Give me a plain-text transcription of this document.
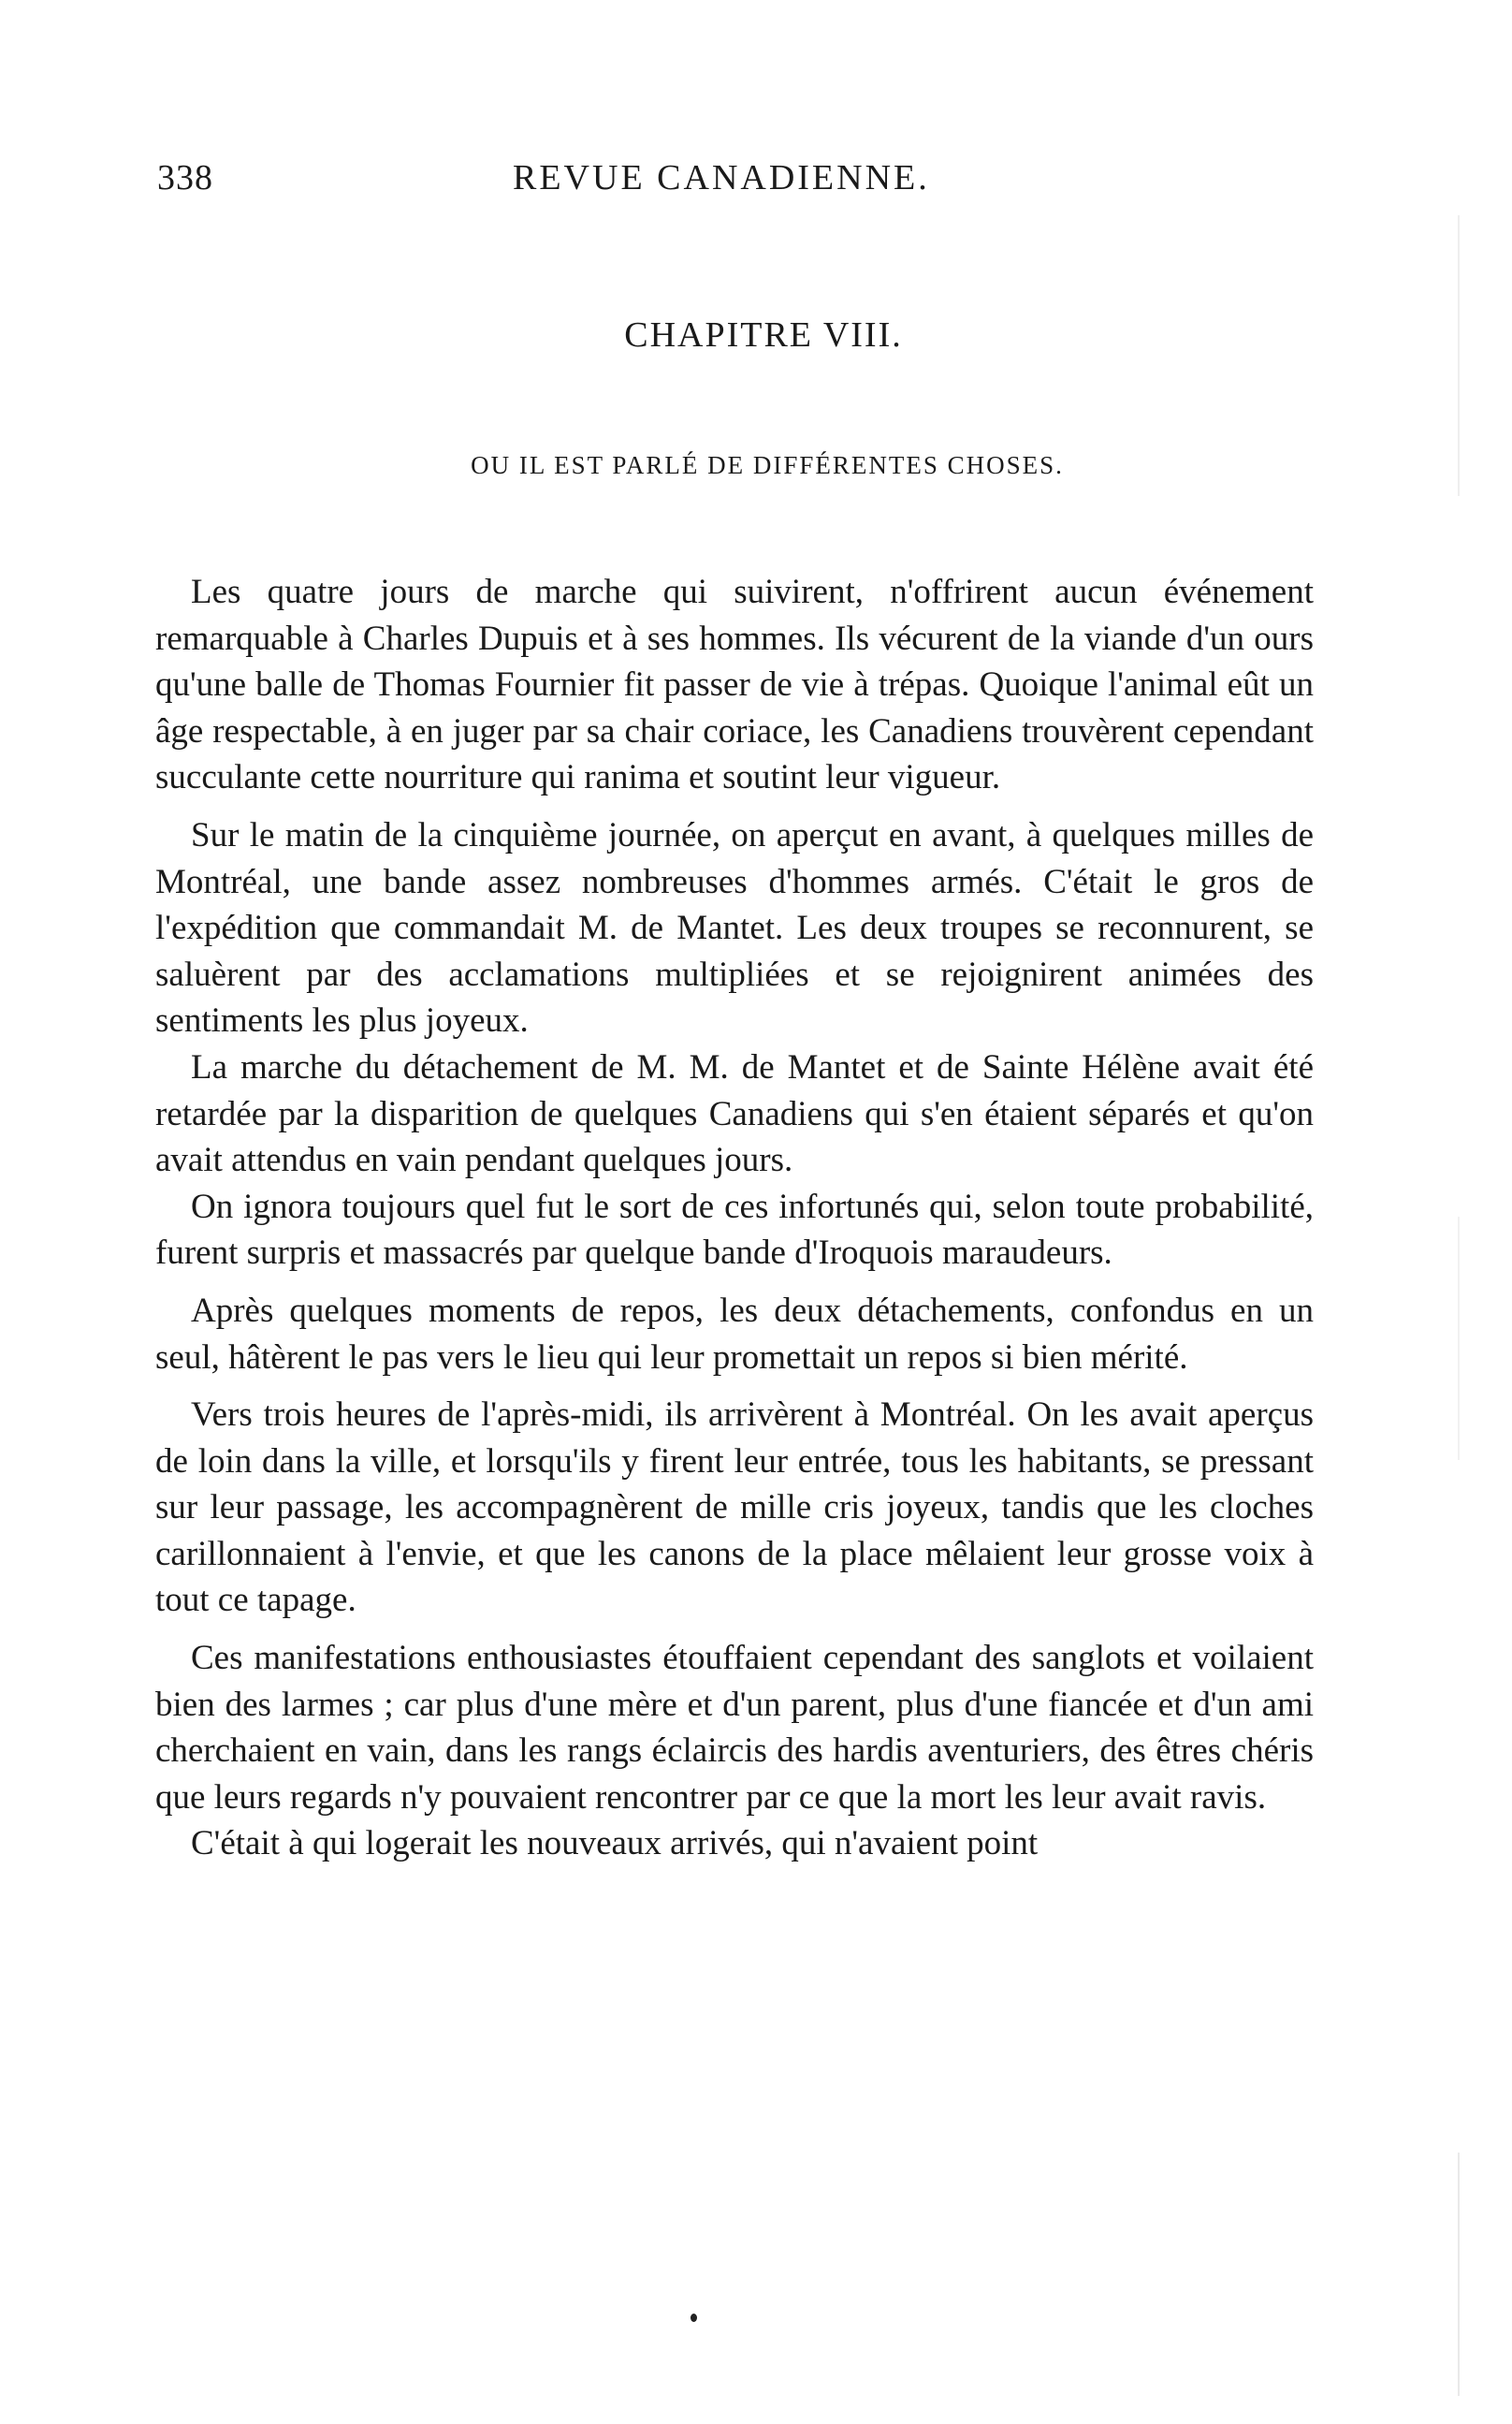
338	REVUE CANADIENNE.
CHAPITRE VIII.
OU IL EST PARLÉ DE DIFFÉRENTES CHOSES.

Les quatre jours de marche qui suivirent, n'offrirent aucun événement remarquable à Charles Dupuis et à ses hommes. Ils vécurent de la viande d'un ours qu'une balle de Thomas Fournier fit passer de vie à trépas. Quoique l'animal eût un âge respectable, à en juger par sa chair coriace, les Canadiens trouvèrent cependant succulante cette nourriture qui ranima et soutint leur vigueur.

Sur le matin de la cinquième journée, on aperçut en avant, à quelques milles de Montréal, une bande assez nombreuses d'hommes armés. C'était le gros de l'expédition que commandait M. de Mantet. Les deux troupes se reconnurent, se saluèrent par des acclamations multipliées et se rejoignirent animées des sentiments les plus joyeux.

La marche du détachement de M. M. de Mantet et de Sainte Hélène avait été retardée par la disparition de quelques Canadiens qui s'en étaient séparés et qu'on avait attendus en vain pendant quelques jours.

On ignora toujours quel fut le sort de ces infortunés qui, selon toute probabilité, furent surpris et massacrés par quelque bande d'Iroquois maraudeurs.

Après quelques moments de repos, les deux détachements, confondus en un seul, hâtèrent le pas vers le lieu qui leur promettait un repos si bien mérité.

Vers trois heures de l'après-midi, ils arrivèrent à Montréal. On les avait aperçus de loin dans la ville, et lorsqu'ils y firent leur entrée, tous les habitants, se pressant sur leur passage, les accompagnèrent de mille cris joyeux, tandis que les cloches carillonnaient à l'envie, et que les canons de la place mêlaient leur grosse voix à tout ce tapage.

Ces manifestations enthousiastes étouffaient cependant des sanglots et voilaient bien des larmes ; car plus d'une mère et d'un parent, plus d'une fiancée et d'un ami cherchaient en vain, dans les rangs éclaircis des hardis aventuriers, des êtres chéris que leurs regards n'y pouvaient rencontrer par ce que la mort les leur avait ravis.

C'était à qui logerait les nouveaux arrivés, qui n'avaient point
